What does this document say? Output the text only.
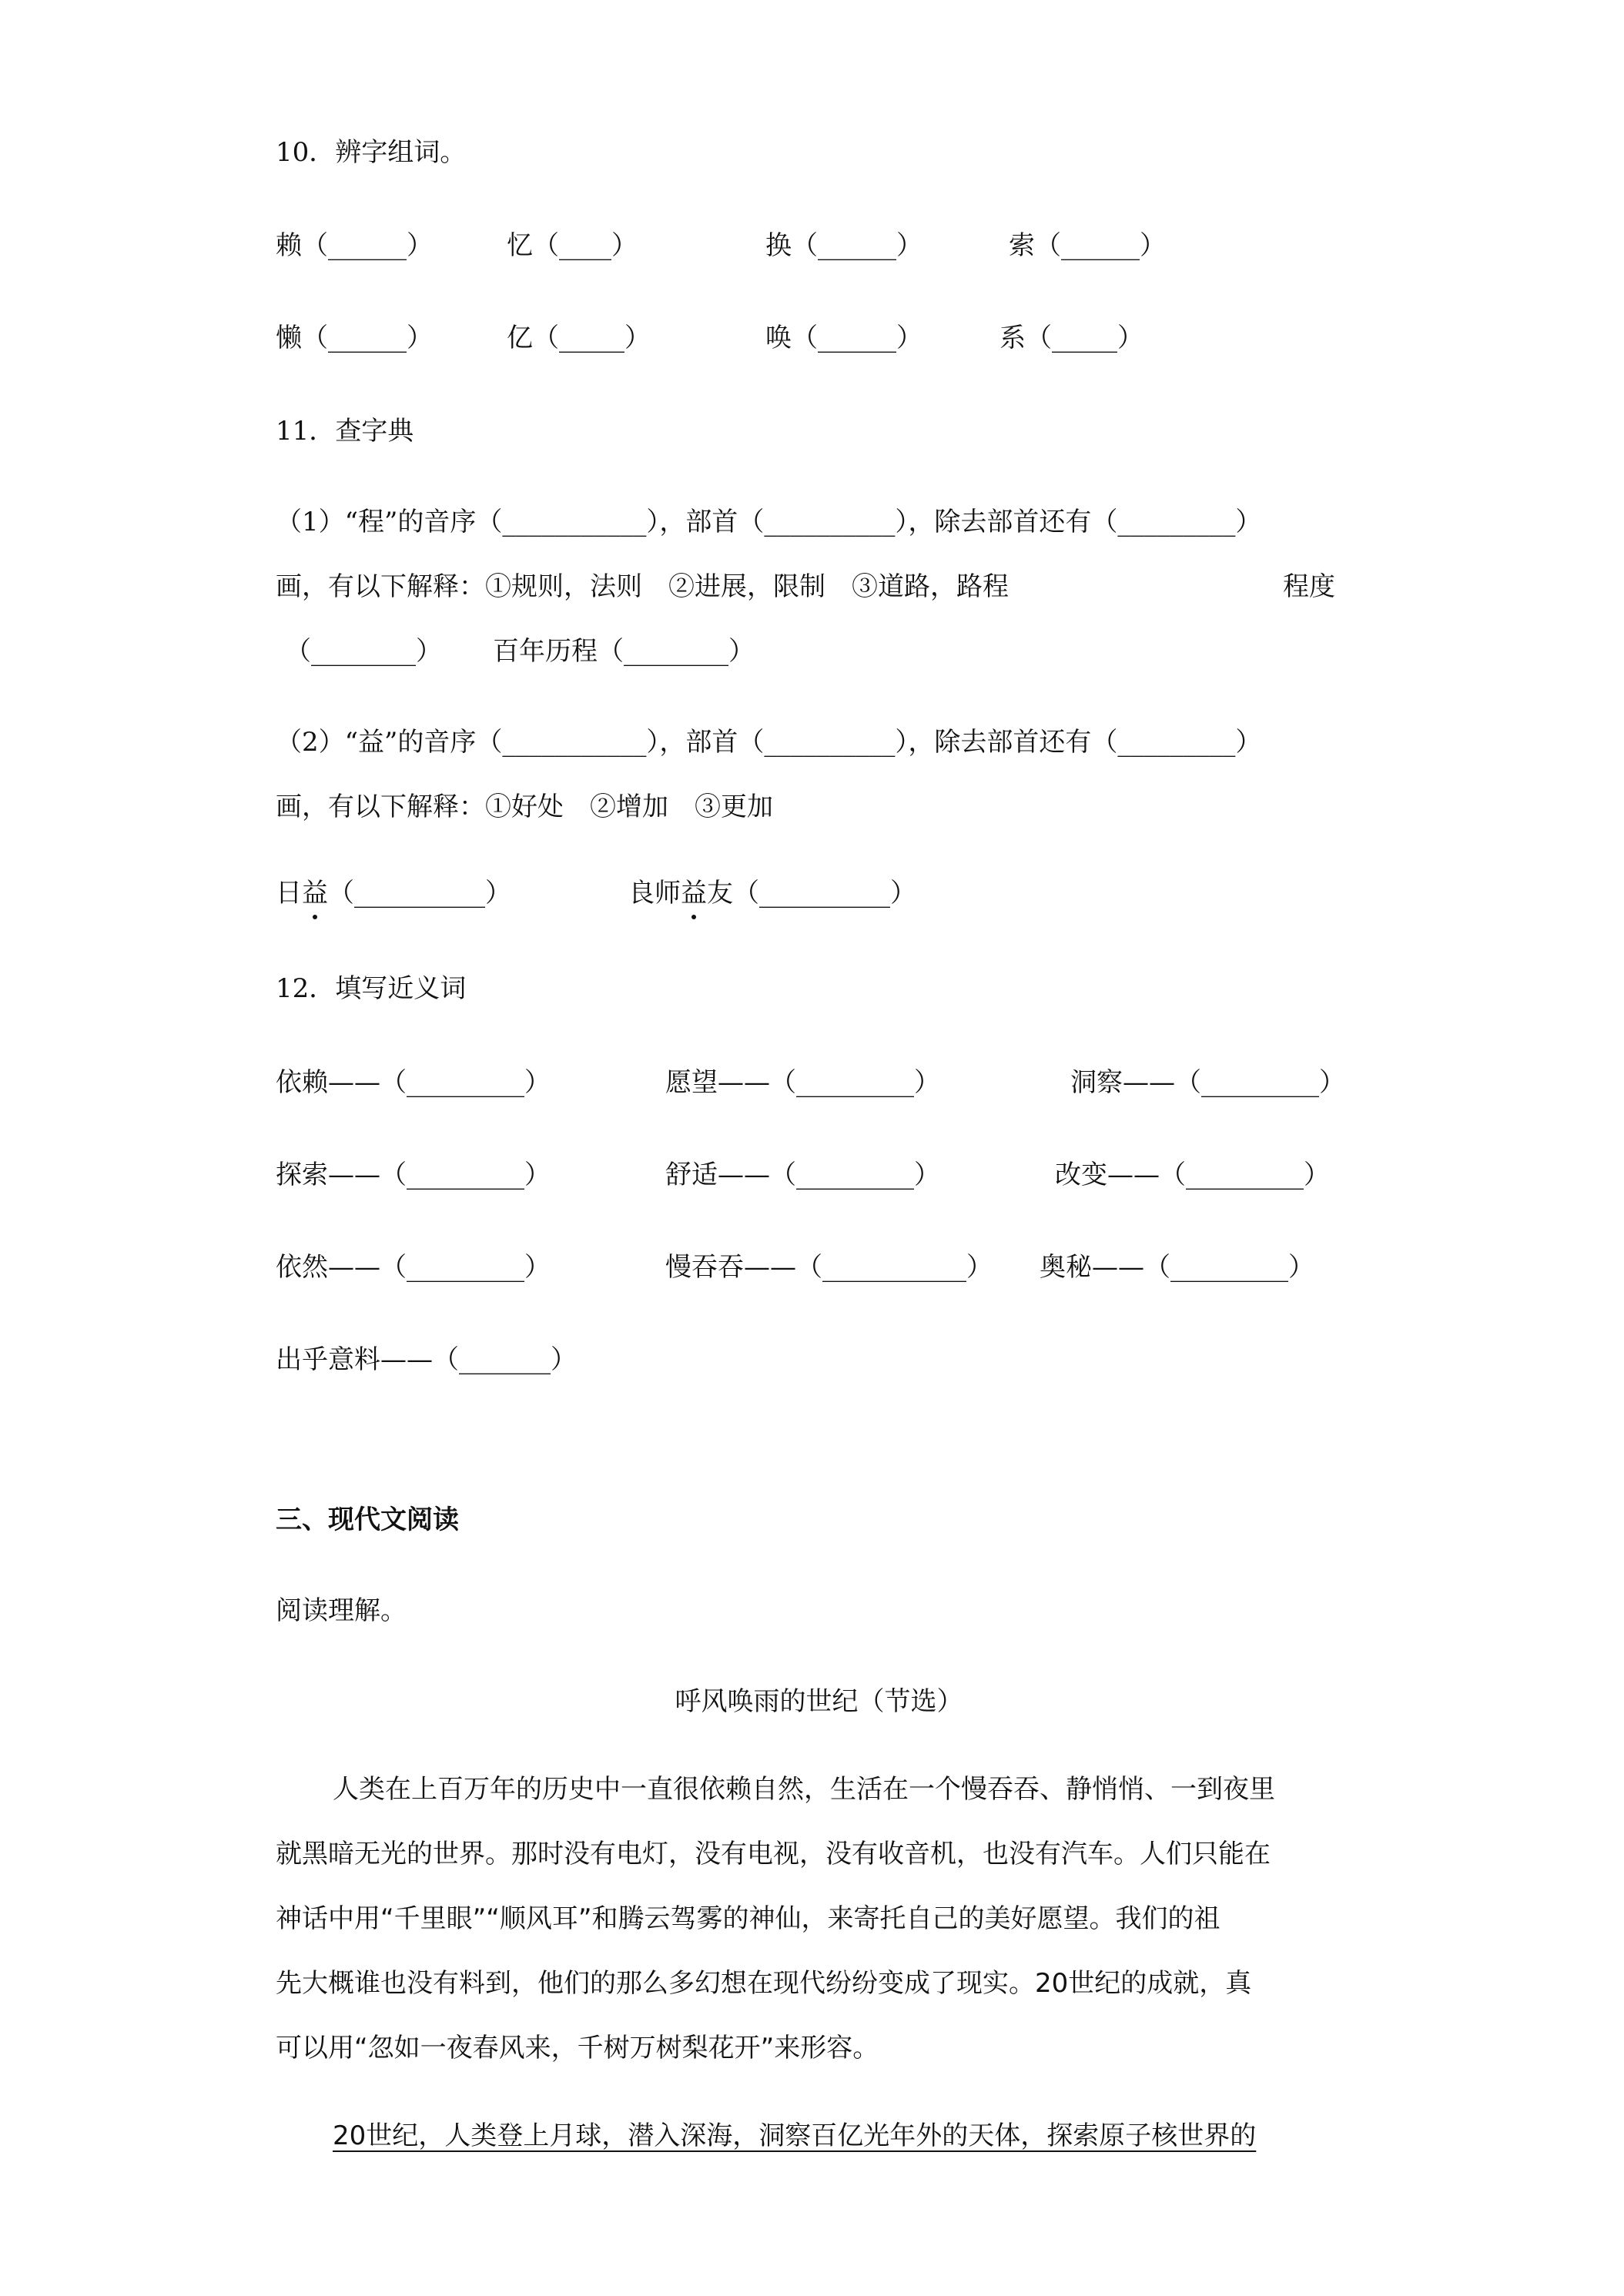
10．辨字组词。
赖（______）	忆（____）	换（______）	索（______）
懒（______）	亿（_____）	唤（______）	系（_____）
11．查字典
（1）“程”的音序（___________），部首（__________），除去部首还有（_________）
画，有以下解释：①规则，法则　②进展，限制　③道路，路程	程度
（________） 百年历程（________）
（2）“益”的音序（___________），部首（__________），除去部首还有（_________）
画，有以下解释：①好处　②增加　③更加
日益（__________）	良师益友（__________）
12．填写近义词
依赖——（_________）	愿望——（_________）	洞察——（_________）
探索——（_________）	舒适——（_________）	改变——（_________）
依然——（_________）	慢吞吞——（___________） 奥秘——（_________）
出乎意料——（_______）
三、现代文阅读
阅读理解。
呼风唤雨的世纪（节选）
人类在上百万年的历史中一直很依赖自然，生活在一个慢吞吞、静悄悄、一到夜里
就黑暗无光的世界。那时没有电灯，没有电视，没有收音机，也没有汽车。人们只能在
神话中用“千里眼”“顺风耳”和腾云驾雾的神仙，来寄托自己的美好愿望。我们的祖
先大概谁也没有料到，他们的那么多幻想在现代纷纷变成了现实。20世纪的成就，真
可以用“忽如一夜春风来，千树万树梨花开”来形容。
20世纪，人类登上月球，潜入深海，洞察百亿光年外的天体，探索原子核世界的
